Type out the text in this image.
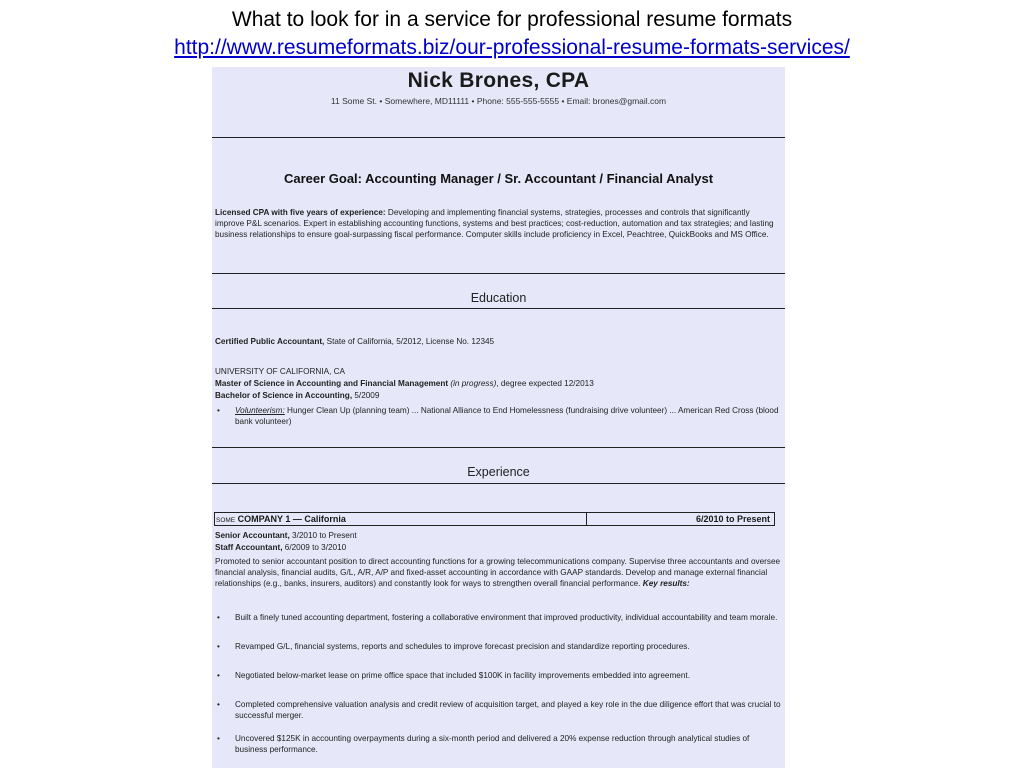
What to look for in a service for professional resume formats
http://www.resumeformats.biz/our-professional-resume-formats-services/
Nick Brones, CPA
11 Some St. • Somewhere, MD11111 • Phone: 555-555-5555 • Email: brones@gmail.com
Career Goal: Accounting Manager / Sr. Accountant / Financial Analyst
Licensed CPA with five years of experience: Developing and implementing financial systems, strategies, processes and controls that significantly improve P&L scenarios. Expert in establishing accounting functions, systems and best practices; cost-reduction, automation and tax strategies; and lasting business relationships to ensure goal-surpassing fiscal performance. Computer skills include proficiency in Excel, Peachtree, QuickBooks and MS Office.
Education
Certified Public Accountant, State of California, 5/2012, License No. 12345
UNIVERSITY OF CALIFORNIA, CA
Master of Science in Accounting and Financial Management (in progress), degree expected 12/2013
Bachelor of Science in Accounting, 5/2009
• Volunteerism: Hunger Clean Up (planning team) ... National Alliance to End Homelessness (fundraising drive volunteer) ... American Red Cross (blood bank volunteer)
Experience
SOME COMPANY 1 — California	6/2010 to Present
Senior Accountant, 3/2010 to Present
Staff Accountant, 6/2009 to 3/2010
Promoted to senior accountant position to direct accounting functions for a growing telecommunications company. Supervise three accountants and oversee financial analysis, financial audits, G/L, A/R, A/P and fixed-asset accounting in accordance with GAAP standards. Develop and manage external financial relationships (e.g., banks, insurers, auditors) and constantly look for ways to strengthen overall financial performance. Key results:
• Built a finely tuned accounting department, fostering a collaborative environment that improved productivity, individual accountability and team morale.
• Revamped G/L, financial systems, reports and schedules to improve forecast precision and standardize reporting procedures.
• Negotiated below-market lease on prime office space that included $100K in facility improvements embedded into agreement.
• Completed comprehensive valuation analysis and credit review of acquisition target, and played a key role in the due diligence effort that was crucial to successful merger.
• Uncovered $125K in accounting overpayments during a six-month period and delivered a 20% expense reduction through analytical studies of business performance.
